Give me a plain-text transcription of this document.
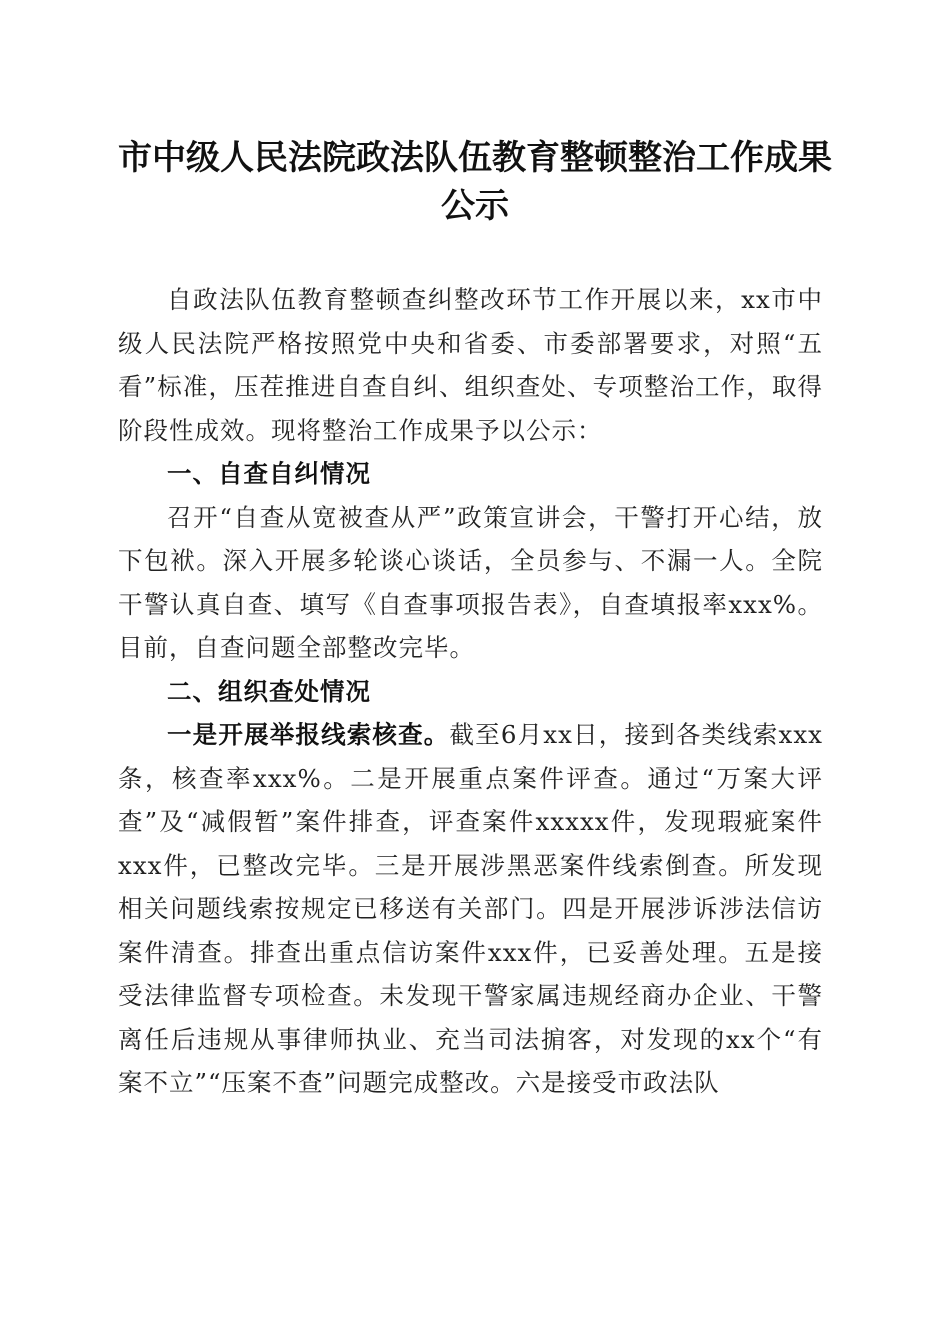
市中级人民法院政法队伍教育整顿整治工作成果公示

自政法队伍教育整顿查纠整改环节工作开展以来，xx市中级人民法院严格按照党中央和省委、市委部署要求，对照“五看”标准，压茬推进自查自纠、组织查处、专项整治工作，取得阶段性成效。现将整治工作成果予以公示：

一、自查自纠情况

召开“自查从宽被查从严”政策宣讲会，干警打开心结，放下包袱。深入开展多轮谈心谈话，全员参与、不漏一人。全院干警认真自查、填写《自查事项报告表》，自查填报率xxx%。目前，自查问题全部整改完毕。

二、组织查处情况

一是开展举报线索核查。截至6月xx日，接到各类线索xxx条，核查率xxx%。二是开展重点案件评查。通过“万案大评查”及“减假暂”案件排查，评查案件xxxxx件，发现瑕疵案件xxx件，已整改完毕。三是开展涉黑恶案件线索倒查。所发现相关问题线索按规定已移送有关部门。四是开展涉诉涉法信访案件清查。排查出重点信访案件xxx件，已妥善处理。五是接受法律监督专项检查。未发现干警家属违规经商办企业、干警离任后违规从事律师执业、充当司法掮客，对发现的xx个“有案不立”“压案不查”问题完成整改。六是接受市政法队
